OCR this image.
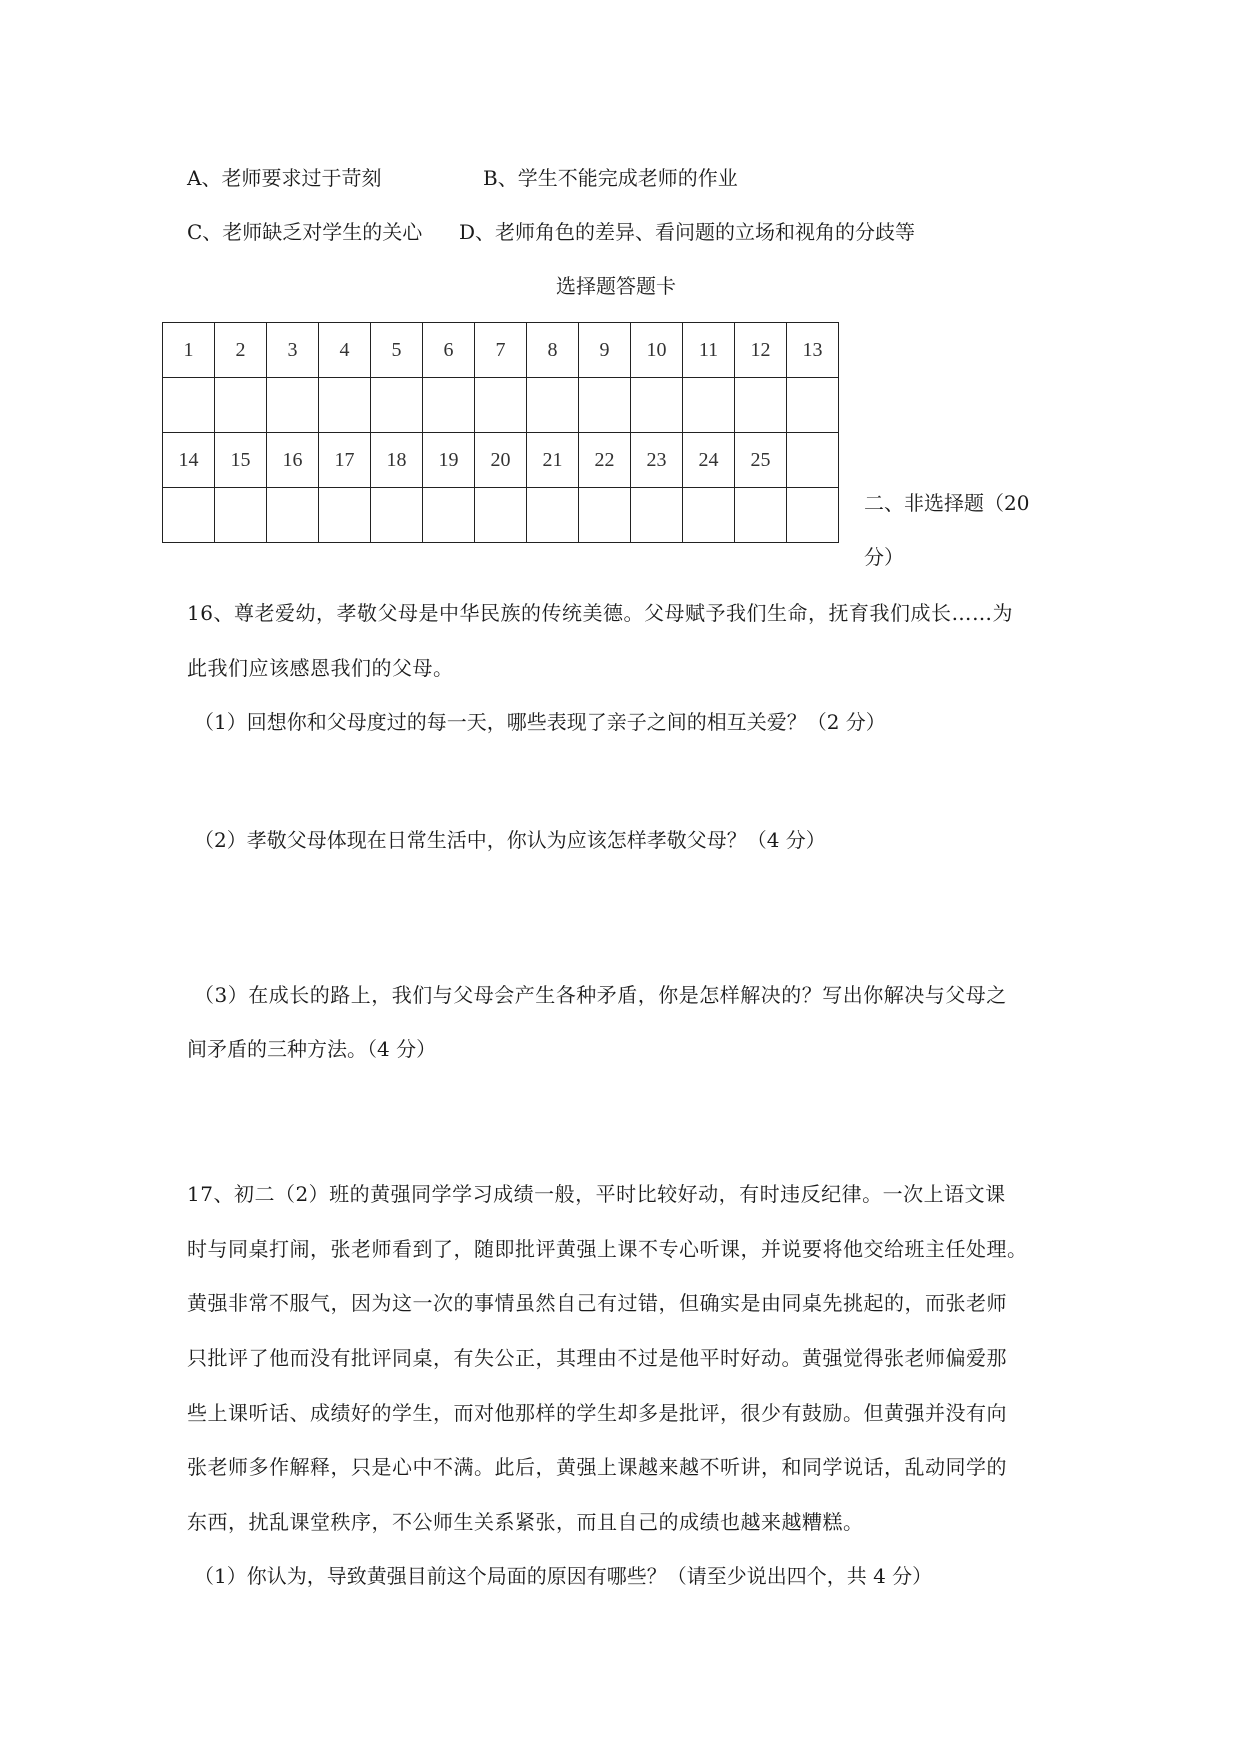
A、老师要求过于苛刻	B、学生不能完成老师的作业
C、老师缺乏对学生的关心 D、老师角色的差异、看问题的立场和视角的分歧等
选择题答题卡
1	2	3	4	5	6	7	8	9	10	11	12	13

14	15	16	17	18	19	20	21	22	23	24	25	

二、非选择题（20
分）
16、尊老爱幼，孝敬父母是中华民族的传统美德。父母赋予我们生命，抚育我们成长……为
此我们应该感恩我们的父母。
（1）回想你和父母度过的每一天，哪些表现了亲子之间的相互关爱？（2 分）
（2）孝敬父母体现在日常生活中，你认为应该怎样孝敬父母？（4 分）
（3）在成长的路上，我们与父母会产生各种矛盾，你是怎样解决的？写出你解决与父母之
间矛盾的三种方法。（4 分）
17、初二（2）班的黄强同学学习成绩一般，平时比较好动，有时违反纪律。一次上语文课
时与同桌打闹，张老师看到了，随即批评黄强上课不专心听课，并说要将他交给班主任处理。
黄强非常不服气，因为这一次的事情虽然自己有过错，但确实是由同桌先挑起的，而张老师
只批评了他而没有批评同桌，有失公正，其理由不过是他平时好动。黄强觉得张老师偏爱那
些上课听话、成绩好的学生，而对他那样的学生却多是批评，很少有鼓励。但黄强并没有向
张老师多作解释，只是心中不满。此后，黄强上课越来越不听讲，和同学说话，乱动同学的
东西，扰乱课堂秩序，不公师生关系紧张，而且自己的成绩也越来越糟糕。
（1）你认为，导致黄强目前这个局面的原因有哪些？（请至少说出四个，共 4 分）
